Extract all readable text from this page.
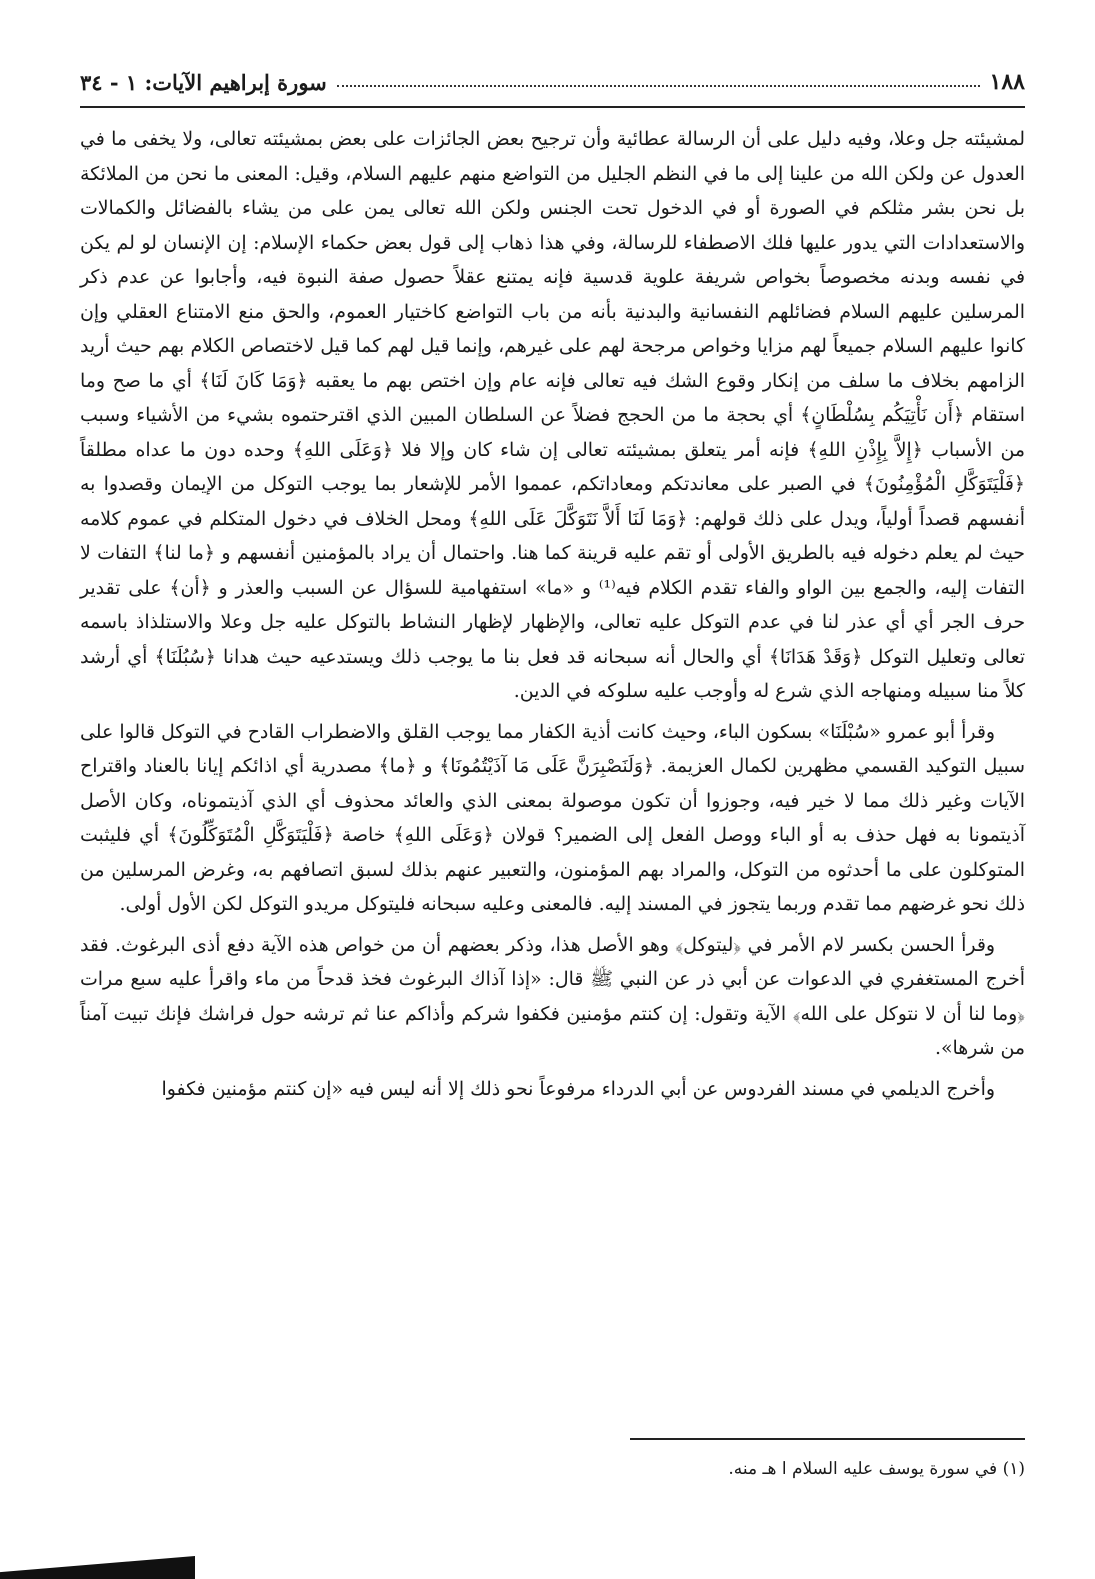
١٨٨
سورة إبراهيم الآيات: ١ - ٣٤

لمشيئته جل وعلا، وفيه دليل على أن الرسالة عطائية وأن ترجيح بعض الجائزات على بعض بمشيئته تعالى، ولا يخفى ما في العدول عن ولكن الله من علينا إلى ما في النظم الجليل من التواضع منهم عليهم السلام، وقيل: المعنى ما نحن من الملائكة بل نحن بشر مثلكم في الصورة أو في الدخول تحت الجنس ولكن الله تعالى يمن على من يشاء بالفضائل والكمالات والاستعدادات التي يدور عليها فلك الاصطفاء للرسالة، وفي هذا ذهاب إلى قول بعض حكماء الإسلام: إن الإنسان لو لم يكن في نفسه وبدنه مخصوصاً بخواص شريفة علوية قدسية فإنه يمتنع عقلاً حصول صفة النبوة فيه، وأجابوا عن عدم ذكر المرسلين عليهم السلام فضائلهم النفسانية والبدنية بأنه من باب التواضع كاختيار العموم، والحق منع الامتناع العقلي وإن كانوا عليهم السلام جميعاً لهم مزايا وخواص مرجحة لهم على غيرهم، وإنما قيل لهم كما قيل لاختصاص الكلام بهم حيث أريد الزامهم بخلاف ما سلف من إنكار وقوع الشك فيه تعالى فإنه عام وإن اختص بهم ما يعقبه ﴿وَمَا كَانَ لَنَا﴾ أي ما صح وما استقام ﴿أَن نَأْتِيَكُم بِسُلْطَانٍ﴾ أي بحجة ما من الحجج فضلاً عن السلطان المبين الذي اقترحتموه بشيء من الأشياء وسبب من الأسباب ﴿إِلاَّ بِإِذْنِ اللهِ﴾ فإنه أمر يتعلق بمشيئته تعالى إن شاء كان وإلا فلا ﴿وَعَلَى اللهِ﴾ وحده دون ما عداه مطلقاً ﴿فَلْيَتَوَكَّلِ الْمُؤْمِنُونَ﴾ في الصبر على معاندتكم ومعاداتكم، عمموا الأمر للإشعار بما يوجب التوكل من الإيمان وقصدوا به أنفسهم قصداً أولياً، ويدل على ذلك قولهم: ﴿وَمَا لَنَا أَلاَّ نَتَوَكَّلَ عَلَى اللهِ﴾ ومحل الخلاف في دخول المتكلم في عموم كلامه حيث لم يعلم دخوله فيه بالطريق الأولى أو تقم عليه قرينة كما هنا. واحتمال أن يراد بالمؤمنين أنفسهم و ﴿ما لنا﴾ التفات لا التفات إليه، والجمع بين الواو والفاء تقدم الكلام فيه⁽¹⁾ و «ما» استفهامية للسؤال عن السبب والعذر و ﴿أن﴾ على تقدير حرف الجر أي أي عذر لنا في عدم التوكل عليه تعالى، والإظهار لإظهار النشاط بالتوكل عليه جل وعلا والاستلذاذ باسمه تعالى وتعليل التوكل ﴿وَقَدْ هَدَانَا﴾ أي والحال أنه سبحانه قد فعل بنا ما يوجب ذلك ويستدعيه حيث هدانا ﴿سُبُلَنَا﴾ أي أرشد كلاً منا سبيله ومنهاجه الذي شرع له وأوجب عليه سلوكه في الدين.

وقرأ أبو عمرو «سُبْلَنَا» بسكون الباء، وحيث كانت أذية الكفار مما يوجب القلق والاضطراب القادح في التوكل قالوا على سبيل التوكيد القسمي مظهرين لكمال العزيمة. ﴿وَلَنَصْبِرَنَّ عَلَى مَا آذَيْتُمُونَا﴾ و ﴿ما﴾ مصدرية أي اذائكم إيانا بالعناد واقتراح الآيات وغير ذلك مما لا خير فيه، وجوزوا أن تكون موصولة بمعنى الذي والعائد محذوف أي الذي آذيتموناه، وكان الأصل آذيتمونا به فهل حذف به أو الباء ووصل الفعل إلى الضمير؟ قولان ﴿وَعَلَى اللهِ﴾ خاصة ﴿فَلْيَتَوَكَّلِ الْمُتَوَكِّلُونَ﴾ أي فليثبت المتوكلون على ما أحدثوه من التوكل، والمراد بهم المؤمنون، والتعبير عنهم بذلك لسبق اتصافهم به، وغرض المرسلين من ذلك نحو غرضهم مما تقدم وربما يتجوز في المسند إليه. فالمعنى وعليه سبحانه فليتوكل مريدو التوكل لكن الأول أولى.

وقرأ الحسن بكسر لام الأمر في ﴿ليتوكل﴾ وهو الأصل هذا، وذكر بعضهم أن من خواص هذه الآية دفع أذى البرغوث. فقد أخرج المستغفري في الدعوات عن أبي ذر عن النبي ﷺ قال: «إذا آذاك البرغوث فخذ قدحاً من ماء واقرأ عليه سبع مرات ﴿وما لنا أن لا نتوكل على الله﴾ الآية وتقول: إن كنتم مؤمنين فكفوا شركم وأذاكم عنا ثم ترشه حول فراشك فإنك تبيت آمناً من شرها».

وأخرج الديلمي في مسند الفردوس عن أبي الدرداء مرفوعاً نحو ذلك إلا أنه ليس فيه «إن كنتم مؤمنين فكفوا

(١) في سورة يوسف عليه السلام ا هـ منه.
